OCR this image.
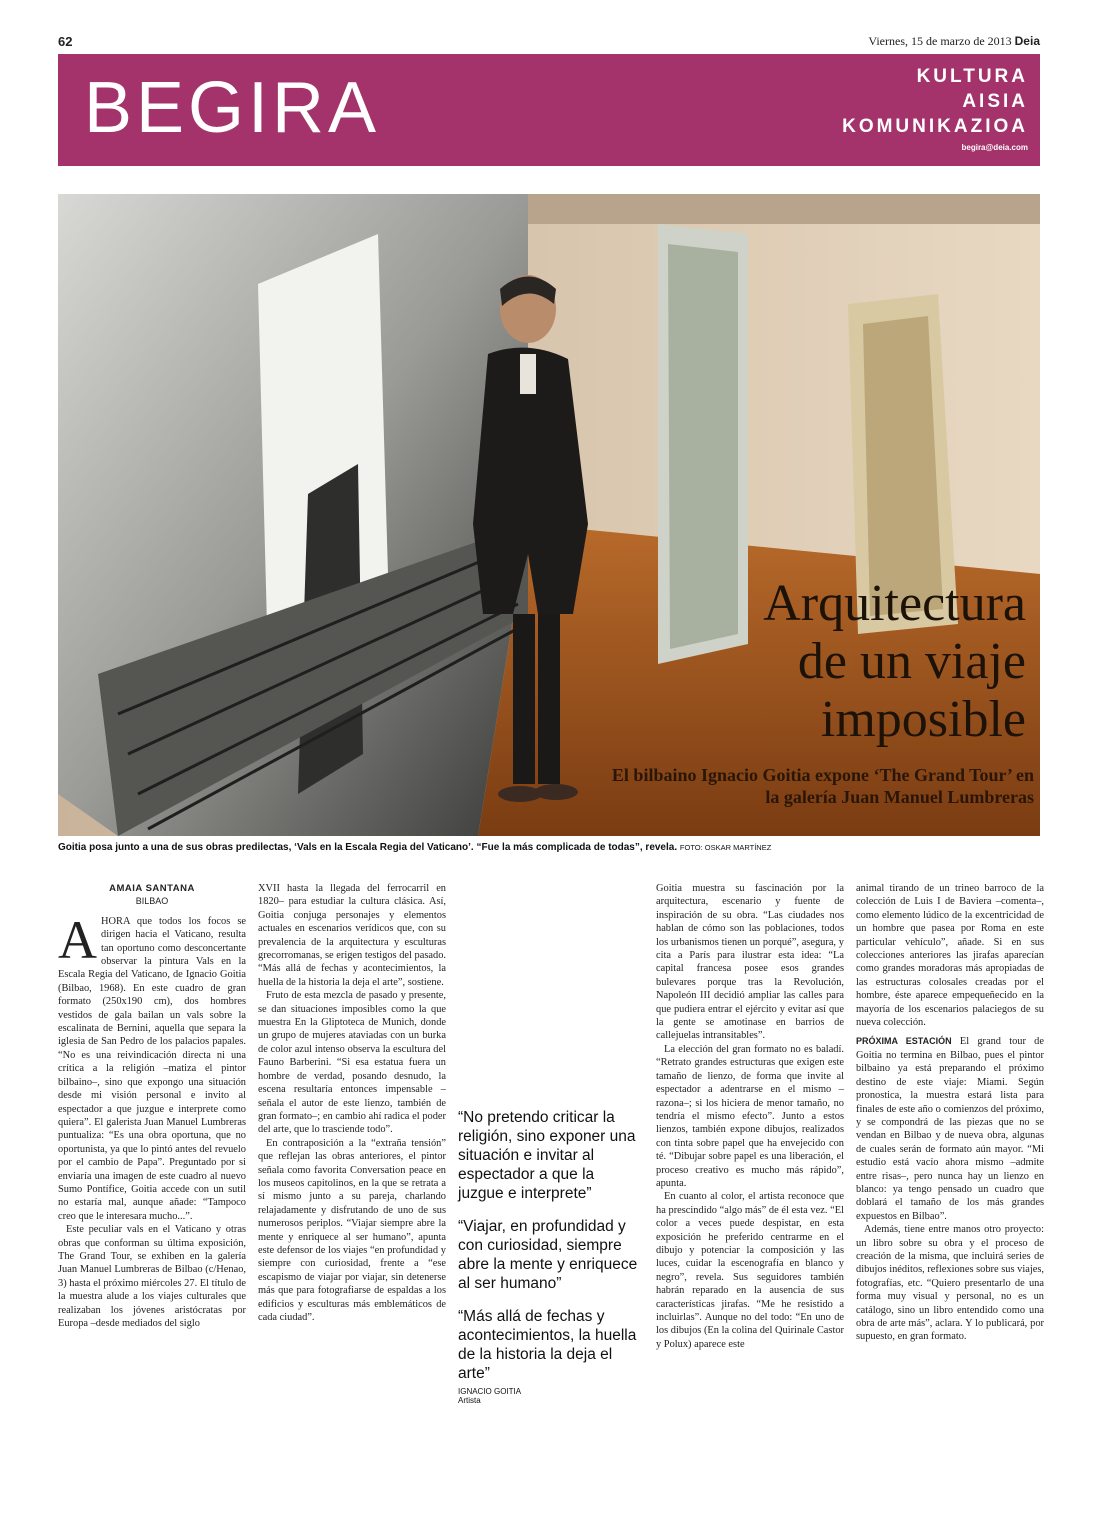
62	Viernes, 15 de marzo de 2013 Deia
BEGIRA	KULTURA
AISIA
KOMUNIKAZIOA
begira@deia.com
Arquitectura
de un viaje
imposible
El bilbaino Ignacio Goitia expone ‘The Grand Tour’ en la galería Juan Manuel Lumbreras
Goitia posa junto a una de sus obras predilectas, ‘Vals en la Escala Regia del Vaticano’. “Fue la más complicada de todas”, revela. FOTO: OSKAR MARTÍNEZ
AMAIA SANTANA
BILBAO
A HORA que todos los focos se dirigen hacia el Vaticano, resulta tan oportuno como desconcertante observar la pintura Vals en la Escala Regia del Vaticano, de Ignacio Goitia (Bilbao, 1968). En este cuadro de gran formato (250x190 cm), dos hombres vestidos de gala bailan un vals sobre la escalinata de Bernini, aquella que separa la iglesia de San Pedro de los palacios papales. “No es una reivindicación directa ni una crítica a la religión –matiza el pintor bilbaino–, sino que expongo una situación desde mi visión personal e invito al espectador a que juzgue e interprete como quiera”. El galerista Juan Manuel Lumbreras puntualiza: “Es una obra oportuna, que no oportunista, ya que lo pintó antes del revuelo por el cambio de Papa”. Preguntado por si enviaría una imagen de este cuadro al nuevo Sumo Pontífice, Goitia accede con un sutil no estaría mal, aunque añade: “Tampoco creo que le interesara mucho...”.

Este peculiar vals en el Vaticano y otras obras que conforman su última exposición, The Grand Tour, se exhiben en la galería Juan Manuel Lumbreras de Bilbao (c/Henao, 3) hasta el próximo miércoles 27. El título de la muestra alude a los viajes culturales que realizaban los jóvenes aristócratas por Europa –desde mediados del siglo

XVII hasta la llegada del ferrocarril en 1820– para estudiar la cultura clásica. Así, Goitia conjuga personajes y elementos actuales en escenarios verídicos que, con su prevalencia de la arquitectura y esculturas grecorromanas, se erigen testigos del pasado. “Más allá de fechas y acontecimientos, la huella de la historia la deja el arte”, sostiene.

Fruto de esta mezcla de pasado y presente, se dan situaciones imposibles como la que muestra En la Gliptoteca de Munich, donde un grupo de mujeres ataviadas con un burka de color azul intenso observa la escultura del Fauno Barberini. “Si esa estatua fuera un hombre de verdad, posando desnudo, la escena resultaría entonces impensable –señala el autor de este lienzo, también de gran formato–; en cambio ahí radica el poder del arte, que lo trasciende todo”.

En contraposición a la “extraña tensión” que reflejan las obras anteriores, el pintor señala como favorita Conversation peace en los museos capitolinos, en la que se retrata a sí mismo junto a su pareja, charlando relajadamente y disfrutando de uno de sus numerosos periplos. “Viajar siempre abre la mente y enriquece al ser humano”, apunta este defensor de los viajes “en profundidad y siempre con curiosidad, frente a “ese escapismo de viajar por viajar, sin detenerse más que para fotografiarse de espaldas a los edificios y esculturas más emblemáticos de cada ciudad”.

“No pretendo criticar la religión, sino exponer una situación e invitar al espectador a que la juzgue e interprete”
“Viajar, en profundidad y con curiosidad, siempre abre la mente y enriquece al ser humano”
“Más allá de fechas y acontecimientos, la huella de la historia la deja el arte”
IGNACIO GOITIA
Artista

Goitia muestra su fascinación por la arquitectura, escenario y fuente de inspiración de su obra. “Las ciudades nos hablan de cómo son las poblaciones, todos los urbanismos tienen un porqué”, asegura, y cita a París para ilustrar esta idea: “La capital francesa posee esos grandes bulevares porque tras la Revolución, Napoleón III decidió ampliar las calles para que pudiera entrar el ejército y evitar así que la gente se amotinase en barrios de callejuelas intransitables”.

La elección del gran formato no es baladí. “Retrato grandes estructuras que exigen este tamaño de lienzo, de forma que invite al espectador a adentrarse en el mismo –razona–; si los hiciera de menor tamaño, no tendría el mismo efecto”. Junto a estos lienzos, también expone dibujos, realizados con tinta sobre papel que ha envejecido con té. “Dibujar sobre papel es una liberación, el proceso creativo es mucho más rápido”, apunta.

En cuanto al color, el artista reconoce que ha prescindido “algo más” de él esta vez. “El color a veces puede despistar, en esta exposición he preferido centrarme en el dibujo y potenciar la composición y las luces, cuidar la escenografía en blanco y negro”, revela. Sus seguidores también habrán reparado en la ausencia de sus características jirafas. “Me he resistido a incluirlas”. Aunque no del todo: “En uno de los dibujos (En la colina del Quirinale Castor y Polux) aparece este

animal tirando de un trineo barroco de la colección de Luis I de Baviera –comenta–, como elemento lúdico de la excentricidad de un hombre que pasea por Roma en este particular vehículo”, añade. Si en sus colecciones anteriores las jirafas aparecían como grandes moradoras más apropiadas de las estructuras colosales creadas por el hombre, éste aparece empequeñecido en la mayoría de los escenarios palaciegos de su nueva colección.

PRÓXIMA ESTACIÓN El grand tour de Goitia no termina en Bilbao, pues el pintor bilbaino ya está preparando el próximo destino de este viaje: Miami. Según pronostica, la muestra estará lista para finales de este año o comienzos del próximo, y se compondrá de las piezas que no se vendan en Bilbao y de nueva obra, algunas de cuales serán de formato aún mayor. “Mi estudio está vacío ahora mismo –admite entre risas–, pero nunca hay un lienzo en blanco: ya tengo pensado un cuadro que doblará el tamaño de los más grandes expuestos en Bilbao”.

Además, tiene entre manos otro proyecto: un libro sobre su obra y el proceso de creación de la misma, que incluirá series de dibujos inéditos, reflexiones sobre sus viajes, fotografías, etc. “Quiero presentarlo de una forma muy visual y personal, no es un catálogo, sino un libro entendido como una obra de arte más”, aclara. Y lo publicará, por supuesto, en gran formato.
